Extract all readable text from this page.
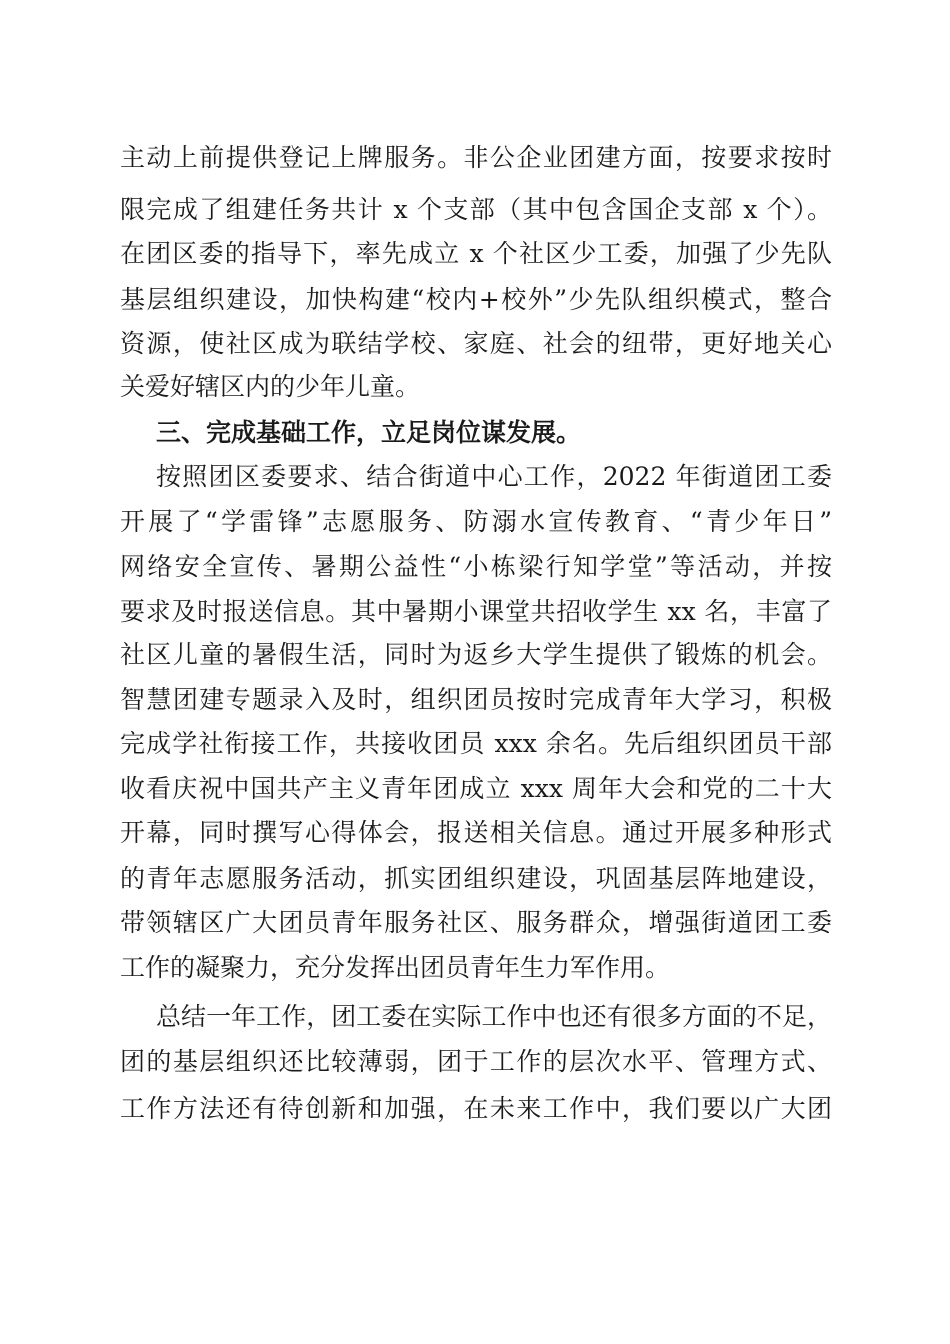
主动上前提供登记上牌服务。非公企业团建方面，按要求按时
限完成了组建任务共计 x 个支部（其中包含国企支部 x 个）。
在团区委的指导下，率先成立 x 个社区少工委，加强了少先队
基层组织建设，加快构建“校内+校外”少先队组织模式，整合
资源，使社区成为联结学校、家庭、社会的纽带，更好地关心
关爱好辖区内的少年儿童。
三、完成基础工作，立足岗位谋发展。
按照团区委要求、结合街道中心工作，2022 年街道团工委
开展了“学雷锋”志愿服务、防溺水宣传教育、“青少年日”
网络安全宣传、暑期公益性“小栋梁行知学堂”等活动，并按
要求及时报送信息。其中暑期小课堂共招收学生 xx 名，丰富了
社区儿童的暑假生活，同时为返乡大学生提供了锻炼的机会。
智慧团建专题录入及时，组织团员按时完成青年大学习，积极
完成学社衔接工作，共接收团员 xxx 余名。先后组织团员干部
收看庆祝中国共产主义青年团成立 xxx 周年大会和党的二十大
开幕，同时撰写心得体会，报送相关信息。通过开展多种形式
的青年志愿服务活动，抓实团组织建设，巩固基层阵地建设，
带领辖区广大团员青年服务社区、服务群众，增强街道团工委
工作的凝聚力，充分发挥出团员青年生力军作用。
总结一年工作，团工委在实际工作中也还有很多方面的不足，
团的基层组织还比较薄弱，团于工作的层次水平、管理方式、
工作方法还有待创新和加强，在未来工作中，我们要以广大团
